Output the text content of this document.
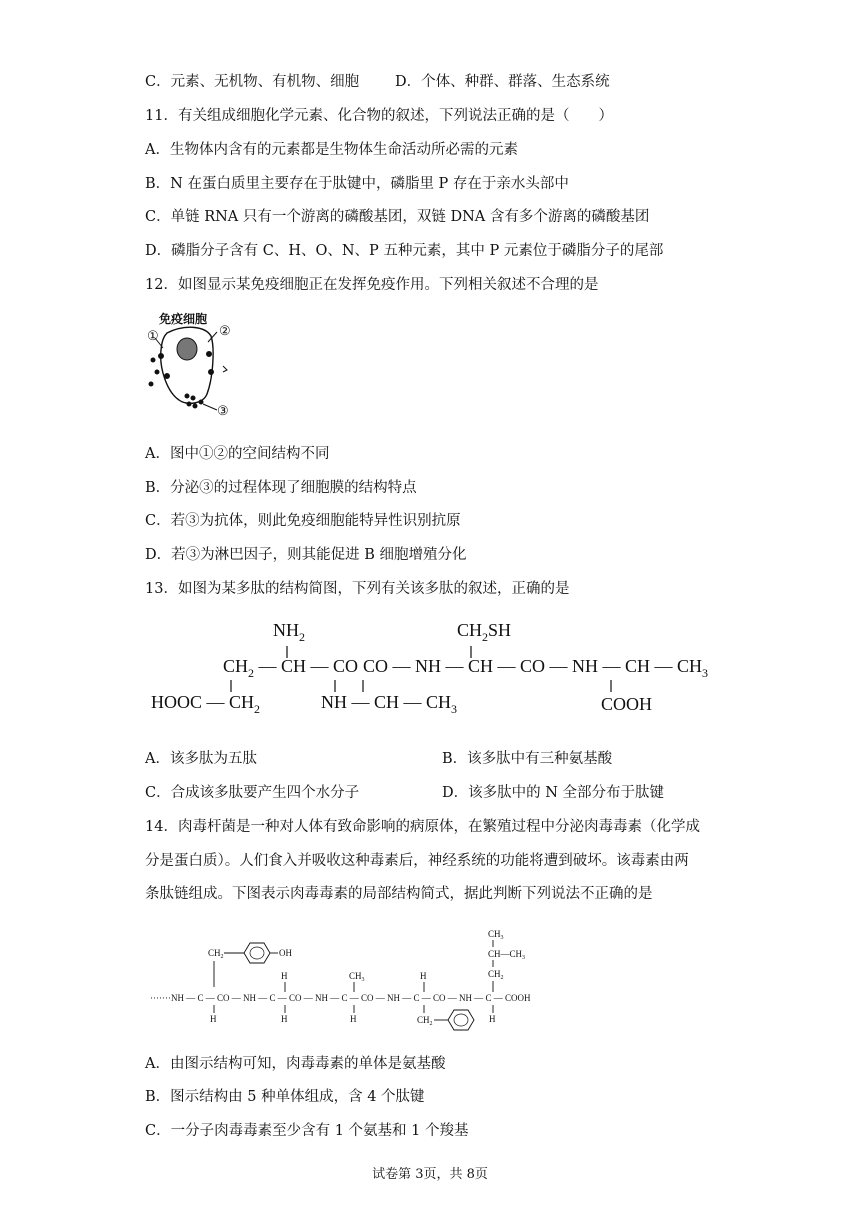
C．元素、无机物、有机物、细胞 D．个体、种群、群落、生态系统
11．有关组成细胞化学元素、化合物的叙述，下列说法正确的是（　　）
A．生物体内含有的元素都是生物体生命活动所必需的元素
B．N 在蛋白质里主要存在于肽键中，磷脂里 P 存在于亲水头部中
C．单链 RNA 只有一个游离的磷酸基团，双链 DNA 含有多个游离的磷酸基团
D．磷脂分子含有 C、H、O、N、P 五种元素，其中 P 元素位于磷脂分子的尾部
12．如图显示某免疫细胞正在发挥免疫作用。下列相关叙述不合理的是
免疫细胞
①	②
③
A．图中①②的空间结构不同
B．分泌③的过程体现了细胞膜的结构特点
C．若③为抗体，则此免疫细胞能特异性识别抗原
D．若③为淋巴因子，则其能促进 B 细胞增殖分化
13．如图为某多肽的结构简图，下列有关该多肽的叙述，正确的是
$NH_2$	$CH_2SH$
$CH_2$ — CH — CO CO — NH — CH — CO — NH — CH — $CH_3$
HOOC — $CH_2$	NH — CH — $CH_3$	COOH
A．该多肽为五肽	B．该多肽中有三种氨基酸
C．合成该多肽要产生四个水分子	D．该多肽中的 N 全部分布于肽键
14．肉毒杆菌是一种对人体有致命影响的病原体，在繁殖过程中分泌肉毒毒素（化学成
分是蛋白质）。人们食入并吸收这种毒素后，神经系统的功能将遭到破坏。该毒素由两
条肽链组成。下图表示肉毒毒素的局部结构简式，据此判断下列说法不正确的是
$CH_2$	OH
·······NH — C — CO — NH — C — CO — NH — C — CO — NH — C — CO — NH — C — COOH
H
H
H
$CH_3$
H
H
$CH_2$
$CH_3$
$CH—CH_3$
$CH_2$
H
A．由图示结构可知，肉毒毒素的单体是氨基酸
B．图示结构由 5 种单体组成，含 4 个肽键
C．一分子肉毒毒素至少含有 1 个氨基和 1 个羧基
试卷第 3页，共 8页
